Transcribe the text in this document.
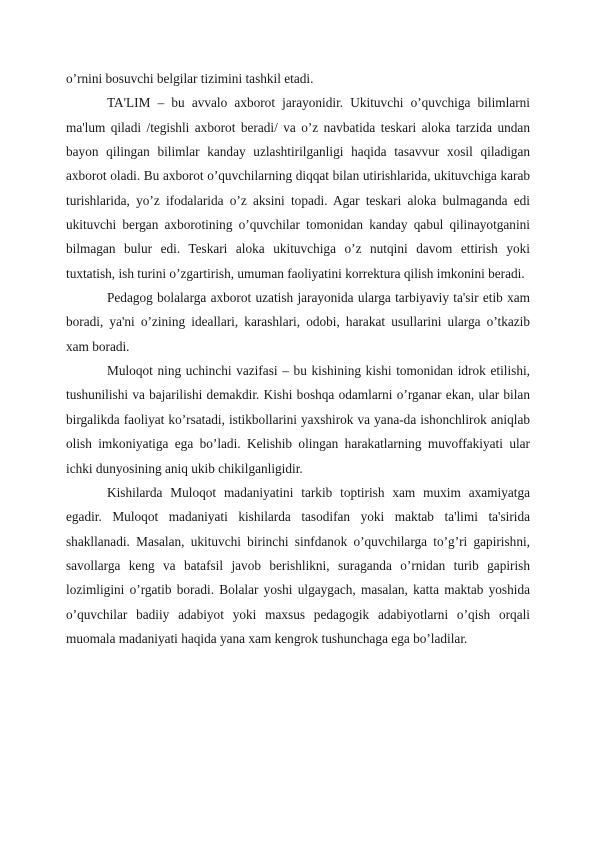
o’rnini bosuvchi belgilar tizimini tashkil etadi.

TA'LIM – bu avvalo axborot jarayonidir. Ukituvchi o’quvchiga bilimlarni ma'lum qiladi /tegishli axborot beradi/ va o’z navbatida teskari aloka tarzida undan bayon qilingan bilimlar kanday uzlashtirilganligi haqida tasavvur xosil qiladigan axborot oladi. Bu axborot o’quvchilarning diqqat bilan utirishlarida, ukituvchiga karab turishlarida, yo’z ifodalarida o’z aksini topadi. Agar teskari aloka bulmaganda edi ukituvchi bergan axborotining o’quvchilar tomonidan kanday qabul qilinayotganini bilmagan bulur edi. Teskari aloka ukituvchiga o’z nutqini davom ettirish yoki tuxtatish, ish turini o’zgartirish, umuman faoliyatini korrektura qilish imkonini beradi.

Pedagog bolalarga axborot uzatish jarayonida ularga tarbiyaviy ta'sir etib xam boradi, ya'ni o’zining ideallari, karashlari, odobi, harakat usullarini ularga o’tkazib xam boradi.

Muloqot ning uchinchi vazifasi – bu kishining kishi tomonidan idrok etilishi, tushunilishi va bajarilishi demakdir. Kishi boshqa odamlarni o’rganar ekan, ular bilan birgalikda faoliyat ko’rsatadi, istikbollarini yaxshirok va yana-da ishonchlirok aniqlab olish imkoniyatiga ega bo’ladi. Kelishib olingan harakatlarning muvoffakiyati ular ichki dunyosining aniq ukib chikilganligidir.

Kishilarda Muloqot madaniyatini tarkib toptirish xam muxim axamiyatga egadir. Muloqot madaniyati kishilarda tasodifan yoki maktab ta'limi ta'sirida shakllanadi. Masalan, ukituvchi birinchi sinfdanok o’quvchilarga to’g’ri gapirishni, savollarga keng va batafsil javob berishlikni, suraganda o’rnidan turib gapirish lozimligini o’rgatib boradi. Bolalar yoshi ulgaygach, masalan, katta maktab yoshida o’quvchilar badiiy adabiyot yoki maxsus pedagogik adabiyotlarni o’qish orqali muomala madaniyati haqida yana xam kengrok tushunchaga ega bo’ladilar.
